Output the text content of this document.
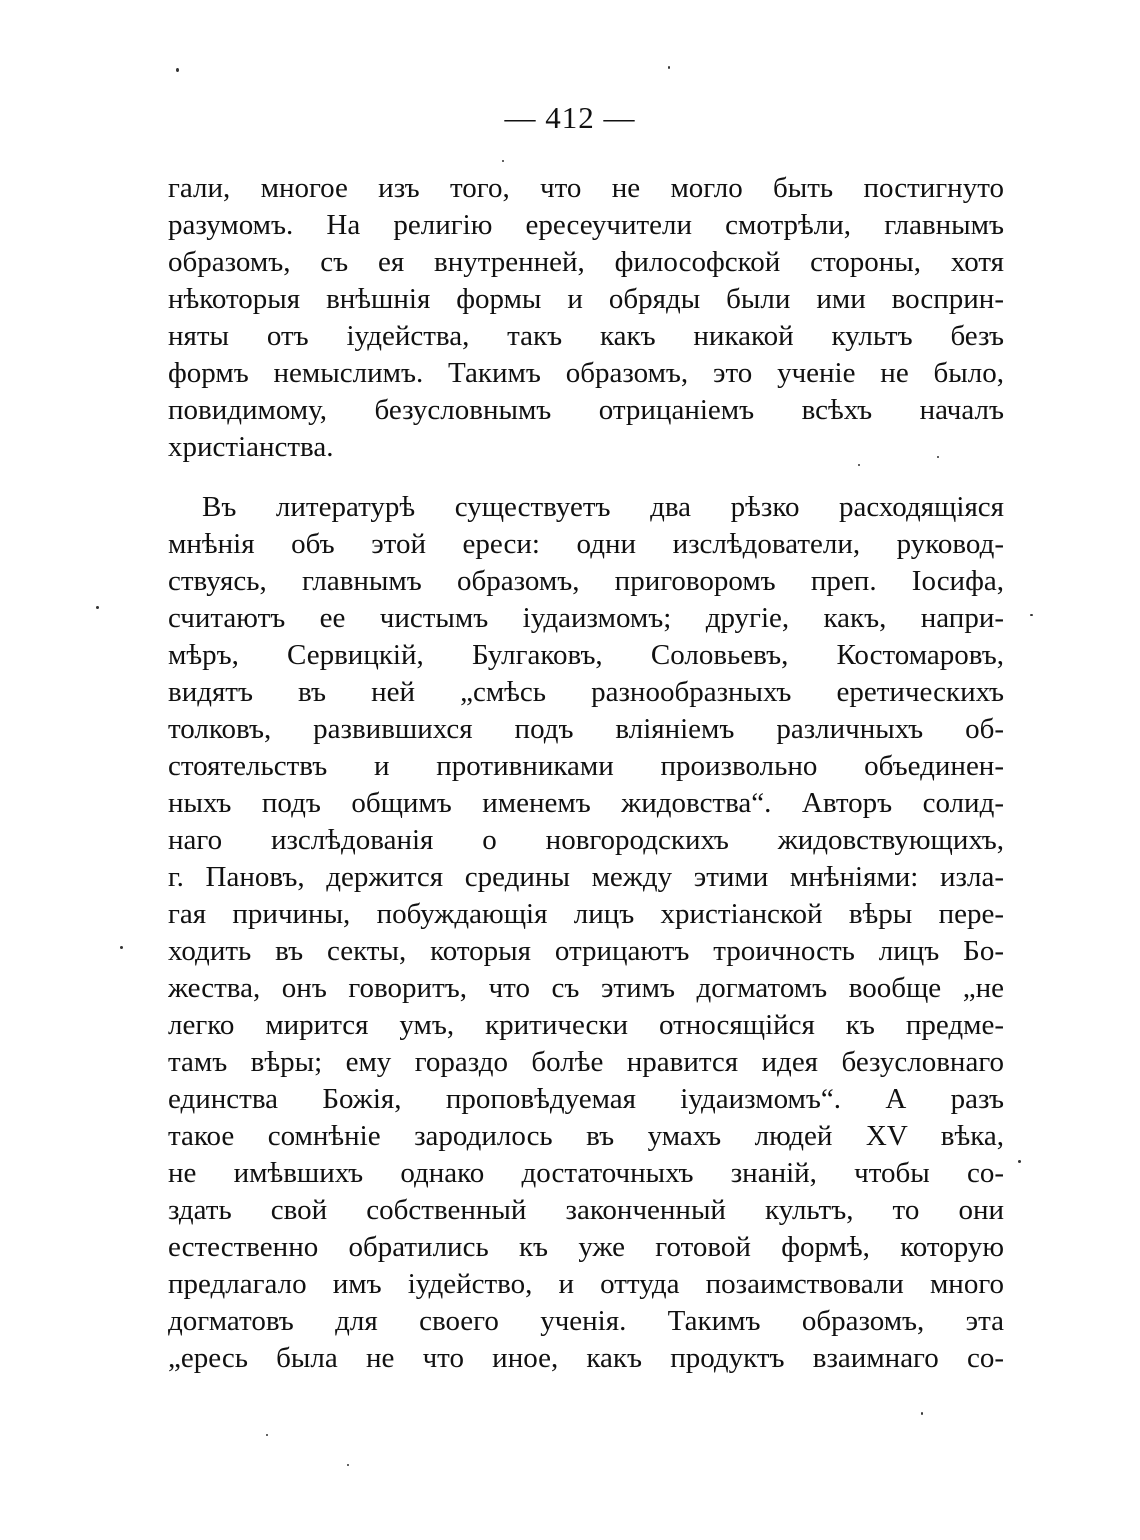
— 412 —
гали, многое изъ того, что не могло быть постигнуто
разумомъ. На религію ересеучители смотрѣли, главнымъ
образомъ, съ ея внутренней, философской стороны, хотя
нѣкоторыя внѣшнія формы и обряды были ими восприн-
няты отъ іудейства, такъ какъ никакой культъ безъ
формъ немыслимъ. Такимъ образомъ, это ученіе не было,
повидимому, безусловнымъ отрицаніемъ всѣхъ началъ
христіанства.
Въ литературѣ существуетъ два рѣзко расходящіяся
мнѣнія объ этой ереси: одни изслѣдователи, руковод-
ствуясь, главнымъ образомъ, приговоромъ преп. Іосифа,
считаютъ ее чистымъ іудаизмомъ; другіе, какъ, напри-
мѣръ, Сервицкій, Булгаковъ, Соловьевъ, Костомаровъ,
видятъ въ ней „смѣсь разнообразныхъ еретическихъ
толковъ, развившихся подъ вліяніемъ различныхъ об-
стоятельствъ и противниками произвольно объединен-
ныхъ подъ общимъ именемъ жидовства“. Авторъ солид-
наго изслѣдованія о новгородскихъ жидовствующихъ,
г. Пановъ, держится средины между этими мнѣніями: изла-
гая причины, побуждающія лицъ христіанской вѣры пере-
ходить въ секты, которыя отрицаютъ троичность лицъ Бо-
жества, онъ говоритъ, что съ этимъ догматомъ вообще „не
легко мирится умъ, критически относящійся къ предме-
тамъ вѣры; ему гораздо болѣе нравится идея безусловнаго
единства Божія, проповѣдуемая іудаизмомъ“. А разъ
такое сомнѣніе зародилось въ умахъ людей XV вѣка,
не имѣвшихъ однако достаточныхъ знаній, чтобы со-
здать свой собственный законченный культъ, то они
естественно обратились къ уже готовой формѣ, которую
предлагало имъ іудейство, и оттуда позаимствовали много
догматовъ для своего ученія. Такимъ образомъ, эта
„ересь была не что иное, какъ продуктъ взаимнаго со-
